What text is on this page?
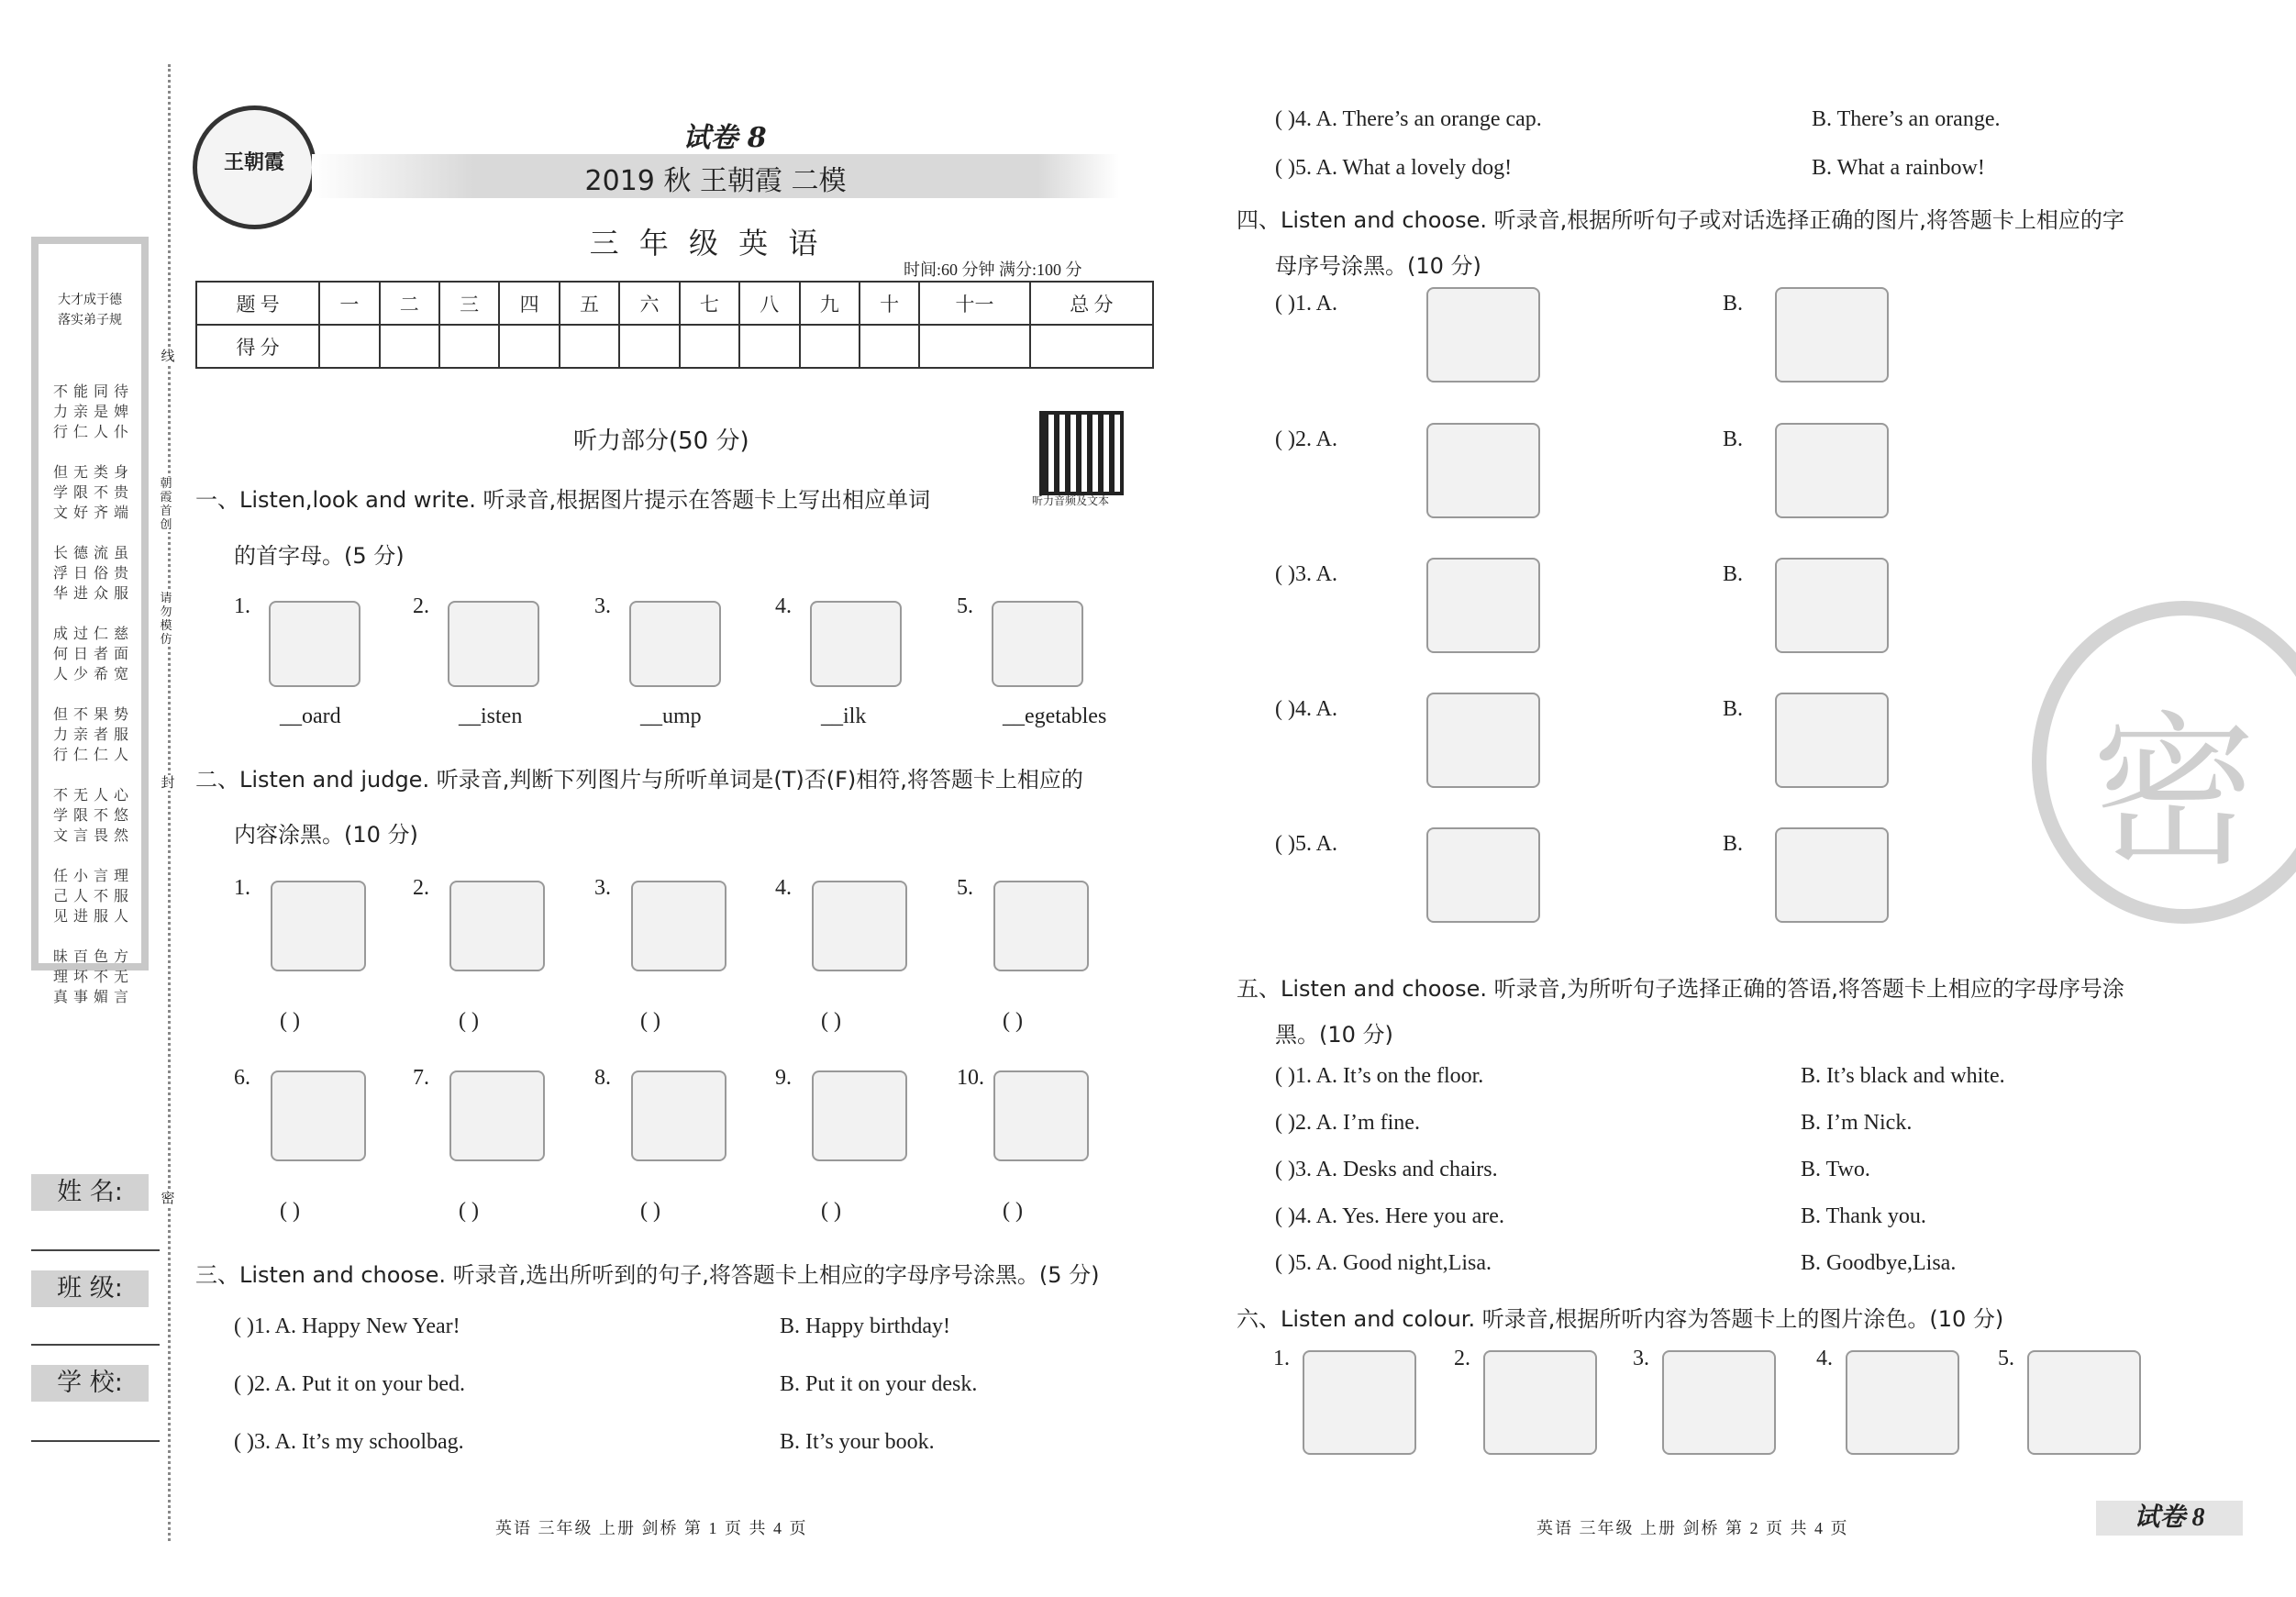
大才成于德
落实弟子规
不力行
能亲仁
同是人
待婢仆
但学文
无限好
类不齐
身贵端
长浮华
德日进
流俗众
虽贵服
成何人
过日少
仁者希
慈面宽
但力行
不亲仁
果者仁
势服人
不学文
无限言
人不畏
心悠然
任己见
小人进
言不服
理服人
昧理真
百坏事
色不媚
方无言
线
朝霞首创
请勿模仿
封
密
姓 名:
班 级:
学 校:
王朝霞
试卷 8
2019 秋 王朝霞 二模
三 年 级 英 语
时间:60 分钟 满分:100 分
题 号	一	二	三	四	五	六	七	八	九	十	十一	总 分
得 分												
听力部分(50 分)
听力音频及文本
一、Listen,look and write. 听录音,根据图片提示在答题卡上写出相应单词
的首字母。(5 分)
1.
__oard
2.
__isten
3.
__ump
4.
__ilk
5.
__egetables
二、Listen and judge. 听录音,判断下列图片与所听单词是(T)否(F)相符,将答题卡上相应的
内容涂黑。(10 分)
1.
( )
2.
( )
3.
( )
4.
( )
5.
( )
6.
( )
7.
( )
8.
( )
9.
( )
10.
( )
三、Listen and choose. 听录音,选出所听到的句子,将答题卡上相应的字母序号涂黑。(5 分)
( )1. A. Happy New Year!	B. Happy birthday!
( )2. A. Put it on your bed.	B. Put it on your desk.
( )3. A. It’s my schoolbag.	B. It’s your book.
( )4. A. There’s an orange cap.	B. There’s an orange.
( )5. A. What a lovely dog!	B. What a rainbow!
四、Listen and choose. 听录音,根据所听句子或对话选择正确的图片,将答题卡上相应的字
母序号涂黑。(10 分)
( )1. A.	B.
( )2. A.	B.
( )3. A.	B.
( )4. A.	B.
( )5. A.	B.
五、Listen and choose. 听录音,为所听句子选择正确的答语,将答题卡上相应的字母序号涂
黑。(10 分)
( )1. A. It’s on the floor.	B. It’s black and white.
( )2. A. I’m fine.	B. I’m Nick.
( )3. A. Desks and chairs.	B. Two.
( )4. A. Yes. Here you are.	B. Thank you.
( )5. A. Good night,Lisa.	B. Goodbye,Lisa.
六、Listen and colour. 听录音,根据所听内容为答题卡上的图片涂色。(10 分)
1.	2.	3.	4.	5.
密
英语 三年级 上册 剑桥 第 1 页 共 4 页	英语 三年级 上册 剑桥 第 2 页 共 4 页	试卷 8
